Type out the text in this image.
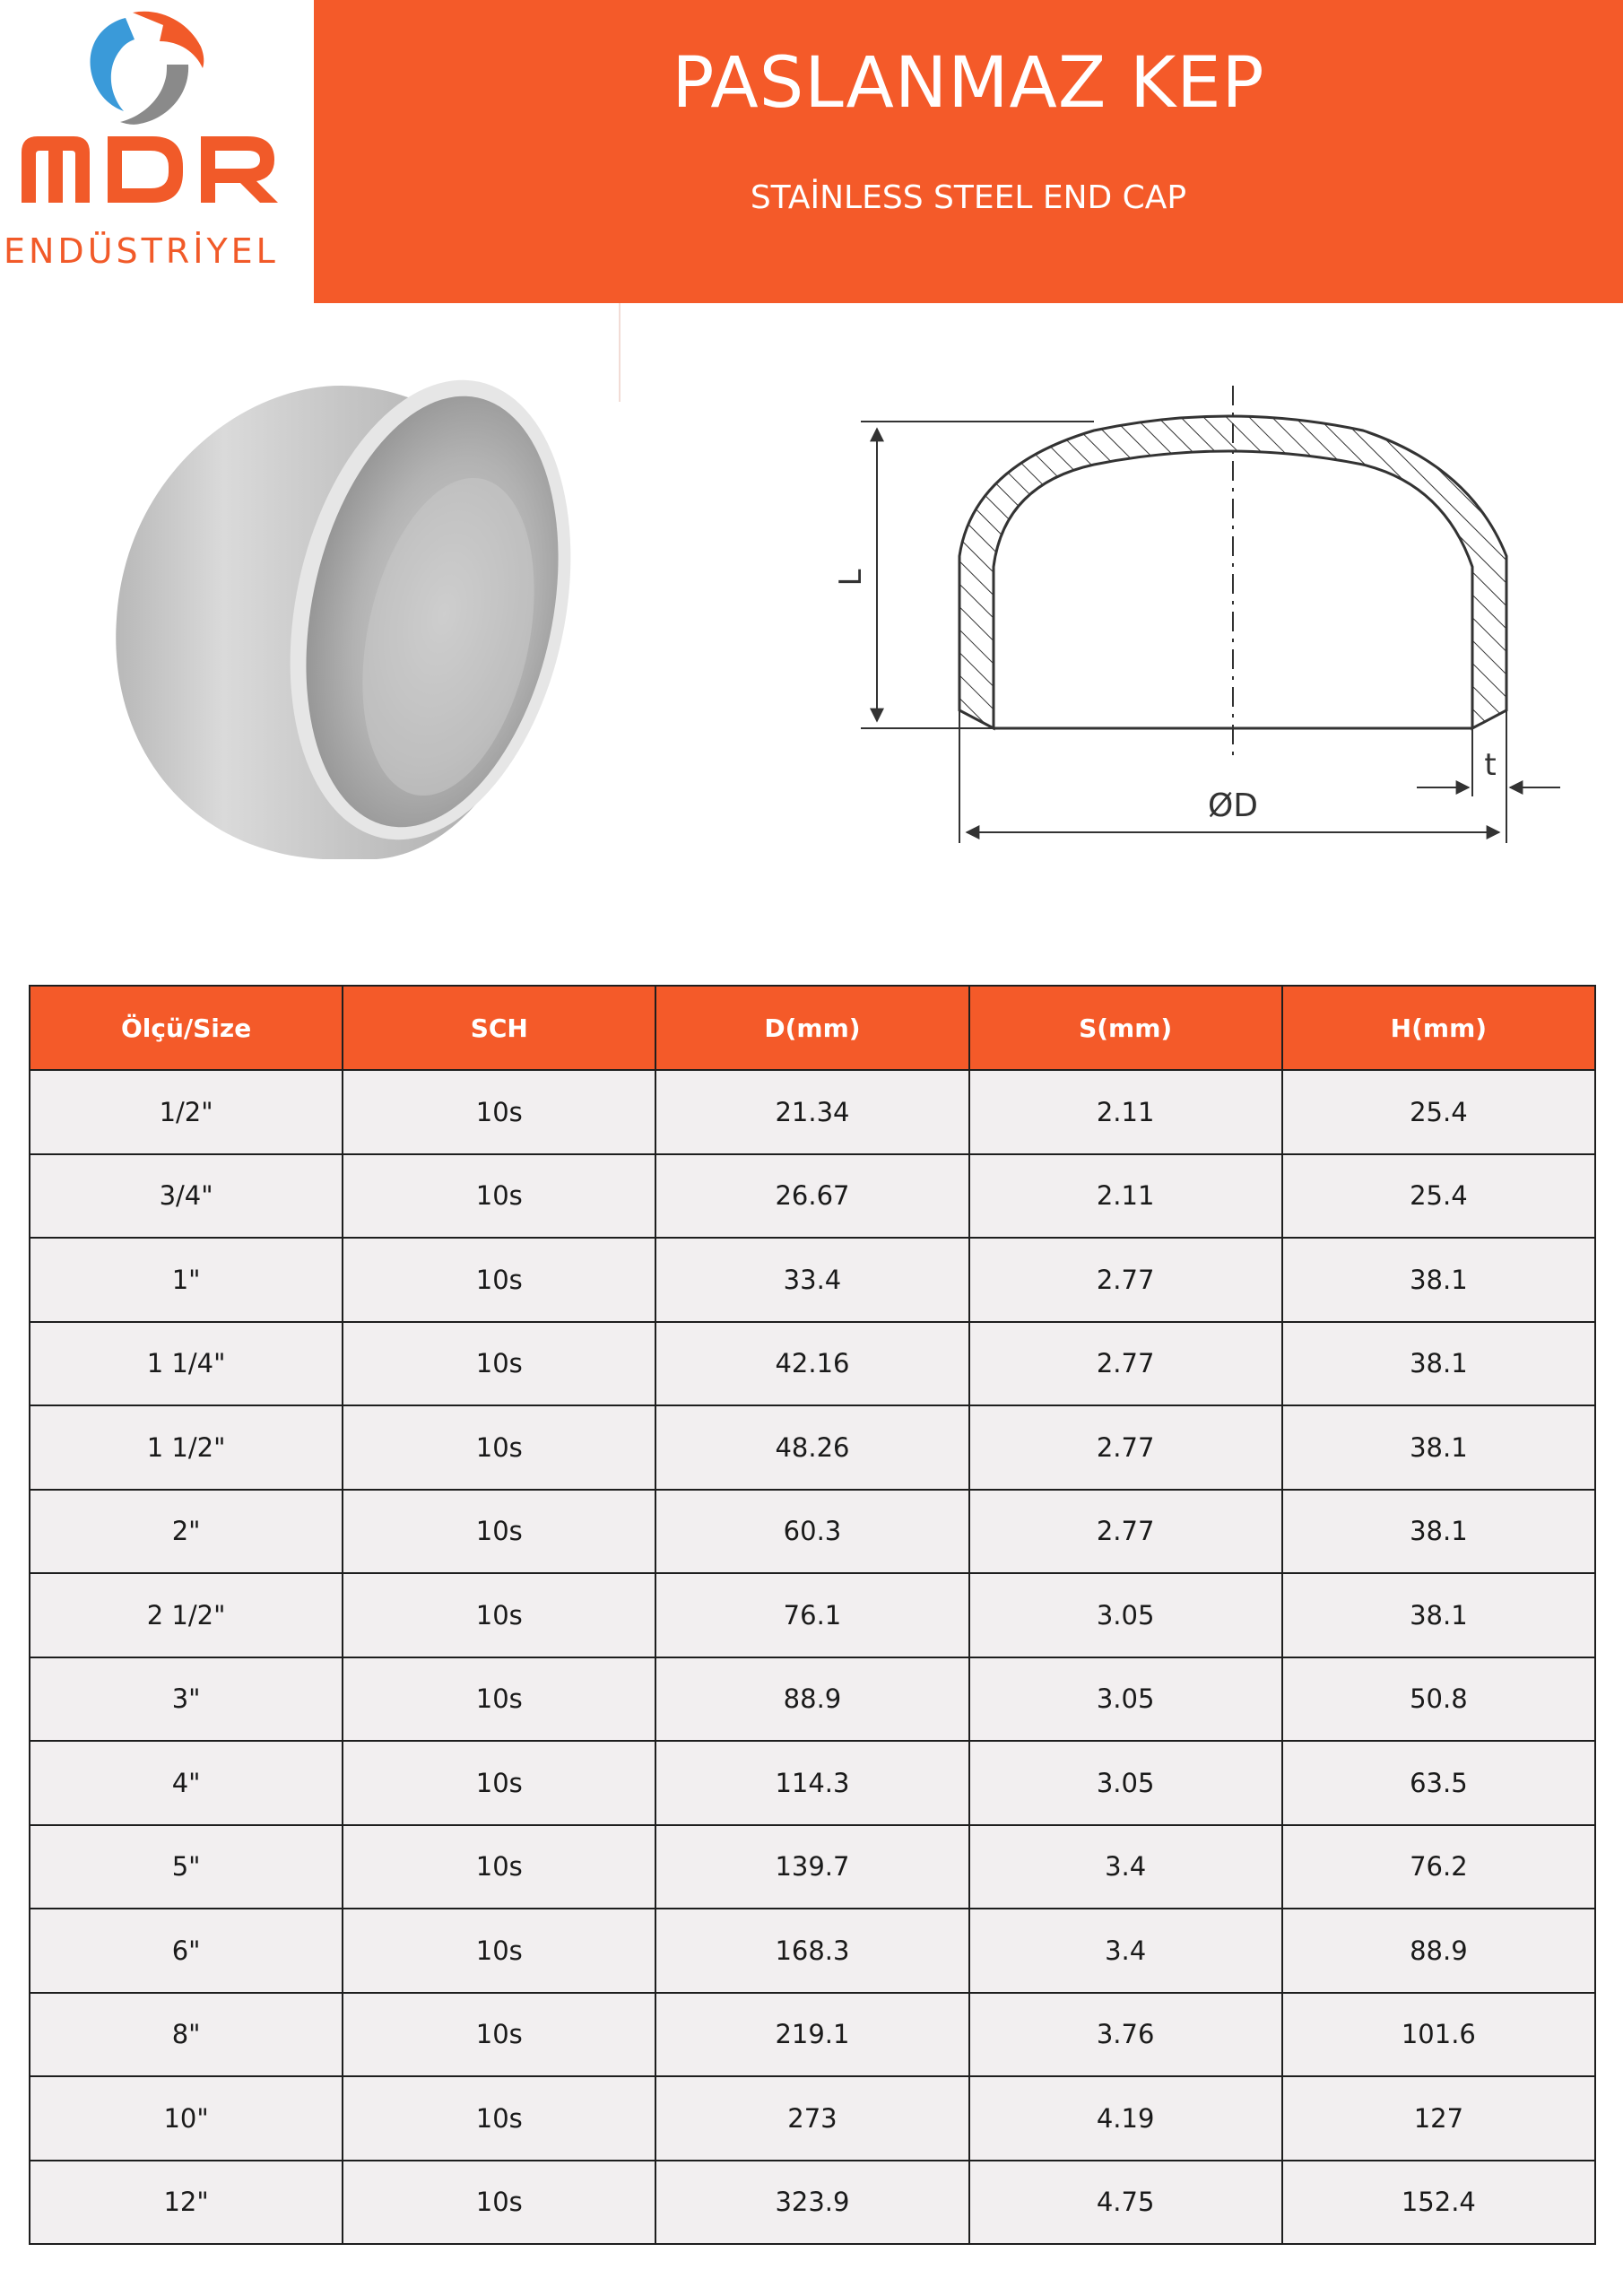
ENDÜSTRİYEL
PASLANMAZ KEP
STAİNLESS STEEL END CAP
L
ØD
t
Ölçü/Size	SCH	D(mm)	S(mm)	H(mm)
1/2"	10s	21.34	2.11	25.4
3/4"	10s	26.67	2.11	25.4
1"	10s	33.4	2.77	38.1
1 1/4"	10s	42.16	2.77	38.1
1 1/2"	10s	48.26	2.77	38.1
2"	10s	60.3	2.77	38.1
2 1/2"	10s	76.1	3.05	38.1
3"	10s	88.9	3.05	50.8
4"	10s	114.3	3.05	63.5
5"	10s	139.7	3.4	76.2
6"	10s	168.3	3.4	88.9
8"	10s	219.1	3.76	101.6
10"	10s	273	4.19	127
12"	10s	323.9	4.75	152.4
